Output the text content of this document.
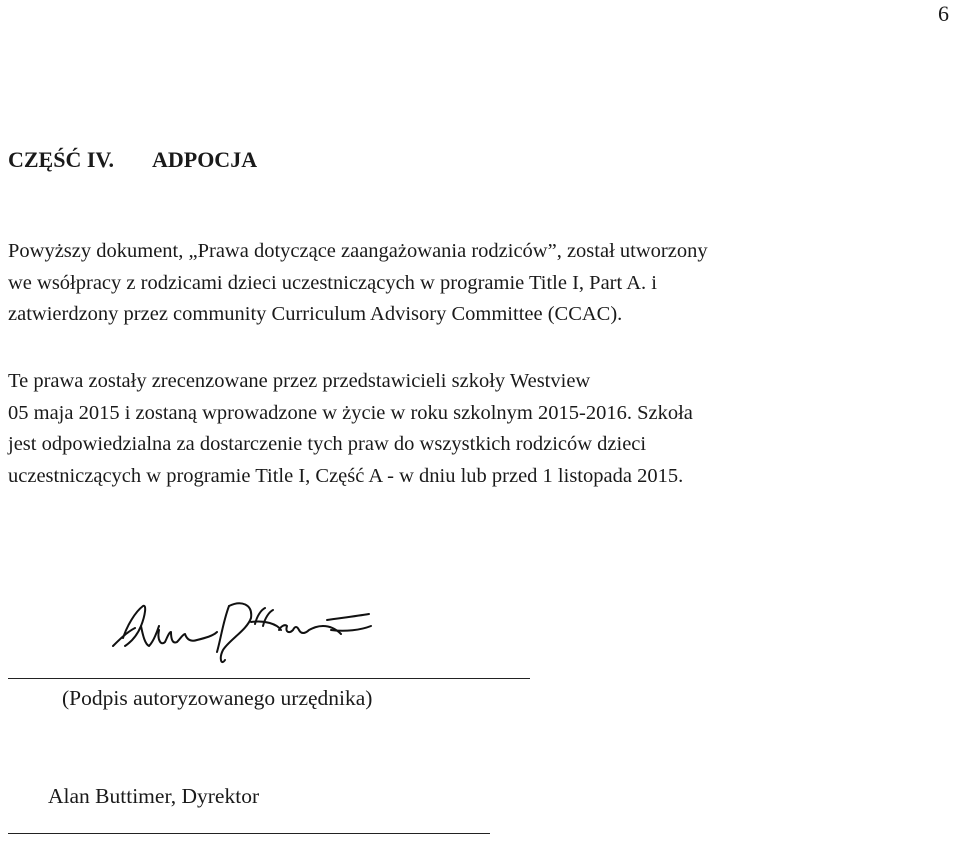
6
CZĘŚĆ IV. ADPOCJA
Powyższy dokument, „Prawa dotyczące zaangażowania rodziców”, został utworzony
we wsółpracy z rodzicami dzieci uczestniczących w programie Title I, Part A. i
zatwierdzony przez community Curriculum Advisory Committee (CCAC).
Te prawa zostały zrecenzowane przez przedstawicieli szkoły Westview
05 maja 2015 i zostaną wprowadzone w życie w roku szkolnym 2015-2016. Szkoła
jest odpowiedzialna za dostarczenie tych praw do wszystkich rodziców dzieci
uczestniczących w programie Title I, Część A - w dniu lub przed 1 listopada 2015.
(Podpis autoryzowanego urzędnika)
Alan Buttimer, Dyrektor
